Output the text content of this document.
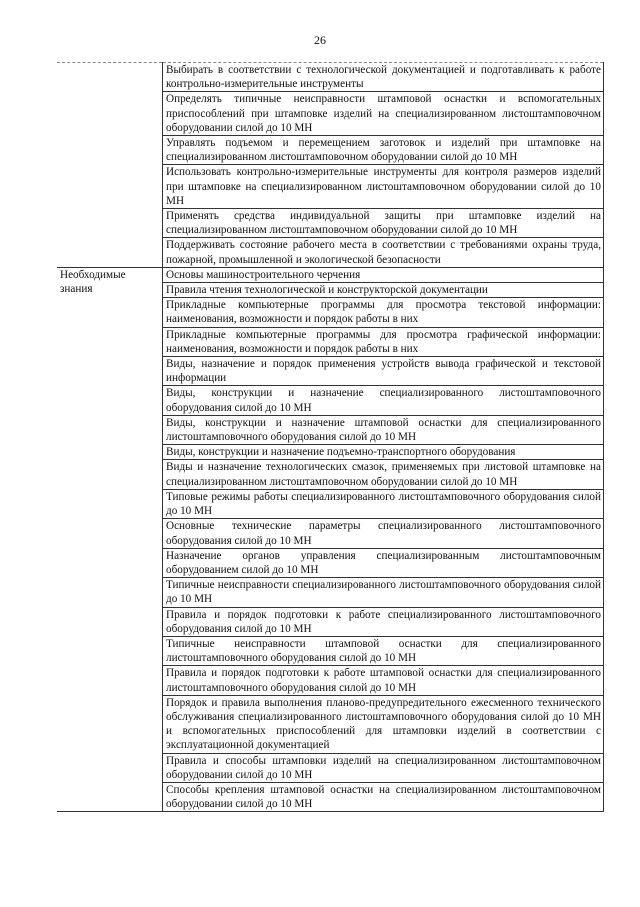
26
	Выбирать в соответствии с технологической документацией и подготавливать к работе контрольно-измерительные инструменты
	Определять типичные неисправности штамповой оснастки и вспомогательных приспособлений при штамповке изделий на специализированном листоштамповочном оборудовании силой до 10 МН
	Управлять подъемом и перемещением заготовок и изделий при штамповке на специализированном листоштамповочном оборудовании силой до 10 МН
	Использовать контрольно-измерительные инструменты для контроля размеров изделий при штамповке на специализированном листоштамповочном оборудовании силой до 10 МН
	Применять средства индивидуальной защиты при штамповке изделий на специализированном листоштамповочном оборудовании силой до 10 МН
	Поддерживать состояние рабочего места в соответствии с требованиями охраны труда, пожарной, промышленной и экологической безопасности
Необходимые знания	Основы машиностроительного черчения
	Правила чтения технологической и конструкторской документации
	Прикладные компьютерные программы для просмотра текстовой информации: наименования, возможности и порядок работы в них
	Прикладные компьютерные программы для просмотра графической информации: наименования, возможности и порядок работы в них
	Виды, назначение и порядок применения устройств вывода графической и текстовой информации
	Виды, конструкции и назначение специализированного листоштамповочного оборудования силой до 10 МН
	Виды, конструкции и назначение штамповой оснастки для специализированного листоштамповочного оборудования силой до 10 МН
	Виды, конструкции и назначение подъемно-транспортного оборудования
	Виды и назначение технологических смазок, применяемых при листовой штамповке на специализированном листоштамповочном оборудовании силой до 10 МН
	Типовые режимы работы специализированного листоштамповочного оборудования силой до 10 МН
	Основные технические параметры специализированного листоштамповочного оборудования силой до 10 МН
	Назначение органов управления специализированным листоштамповочным оборудованием силой до 10 МН
	Типичные неисправности специализированного листоштамповочного оборудования силой до 10 МН
	Правила и порядок подготовки к работе специализированного листоштамповочного оборудования силой до 10 МН
	Типичные неисправности штамповой оснастки для специализированного листоштамповочного оборудования силой до 10 МН
	Правила и порядок подготовки к работе штамповой оснастки для специализированного листоштамповочного оборудования силой до 10 МН
	Порядок и правила выполнения планово-предупредительного ежесменного технического обслуживания специализированного листоштамповочного оборудования силой до 10 МН и вспомогательных приспособлений для штамповки изделий в соответствии с эксплуатационной документацией
	Правила и способы штамповки изделий на специализированном листоштамповочном оборудовании силой до 10 МН
	Способы крепления штамповой оснастки на специализированном листоштамповочном оборудовании силой до 10 МН
